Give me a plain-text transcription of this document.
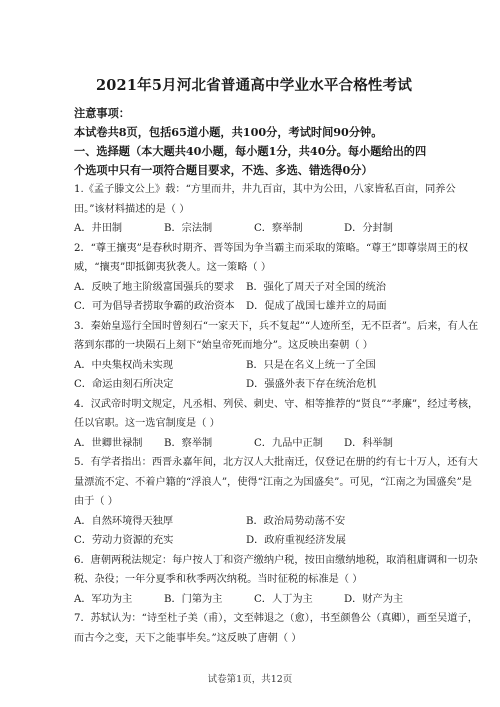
2021年5月河北省普通高中学业水平合格性考试

注意事项：

本试卷共8页，包括65道小题，共100分，考试时间90分钟。

一、选择题（本大题共40小题，每小题1分，共40分。每小题给出的四

个选项中只有一项符合题目要求，不选、多选、错选得0分）

1.《孟子滕文公上》载：“方里而井，井九百亩，其中为公田，八家皆私百亩，同养公

田。”该材料描述的是（ ）

A．井田制	B．宗法制	C．察举制	D．分封制

2．“尊王攘夷”是春秋时期齐、晋等国为争当霸主而采取的策略。“尊王”即尊崇周王的权

威，“攘夷”即抵御夷狄袭人。这一策略（ ）

A．反映了地主阶级富国强兵的要求	B．强化了周天子对全国的统治
C．可为倡导者捞取争霸的政治资本	D．促成了战国七雄并立的局面

3．秦始皇巡行全国时曾刻石“一家天下，兵不复起”“人迹所至，无不臣者”。后来，有人在

落到东郡的一块陨石上刻下“始皇帝死而地分”。这反映出秦朝（ ）

A．中央集权尚未实现	B．只是在名义上统一了全国
C．命运由刻石所决定	D．强盛外表下存在统治危机

4．汉武帝时明文规定，凡丞相、列侯、刺史、守、相等推荐的“贤良”“孝廉”，经过考核，

任以官职。这一选官制度是（ ）

A．世卿世禄制	B．察举制	C．九品中正制	D．科举制

5．有学者指出：西晋永嘉年间，北方汉人大批南迁，仅登记在册的约有七十万人，还有大

量漂流不定、不着户籍的“浮浪人”，使得“江南之为国盛矣”。可见，“江南之为国盛矣”是

由于（ ）

A．自然环境得天独厚	B．政治局势动荡不安
C．劳动力资源的充实	D．政府重视经济发展

6．唐朝两税法规定：每户按人丁和资产缴纳户税，按田亩缴纳地税，取消租庸调和一切杂

税、杂役；一年分夏季和秋季两次纳税。当时征税的标准是（ ）

A．军功为主	B．门第为主	C．人丁为主	D．财产为主

7．苏轼认为：“诗至杜子美（甫），文至韩退之（愈），书至颜鲁公（真卿），画至吴道子，

而古今之变，天下之能事毕矣。”这反映了唐朝（ ）

试卷第1页，共12页
